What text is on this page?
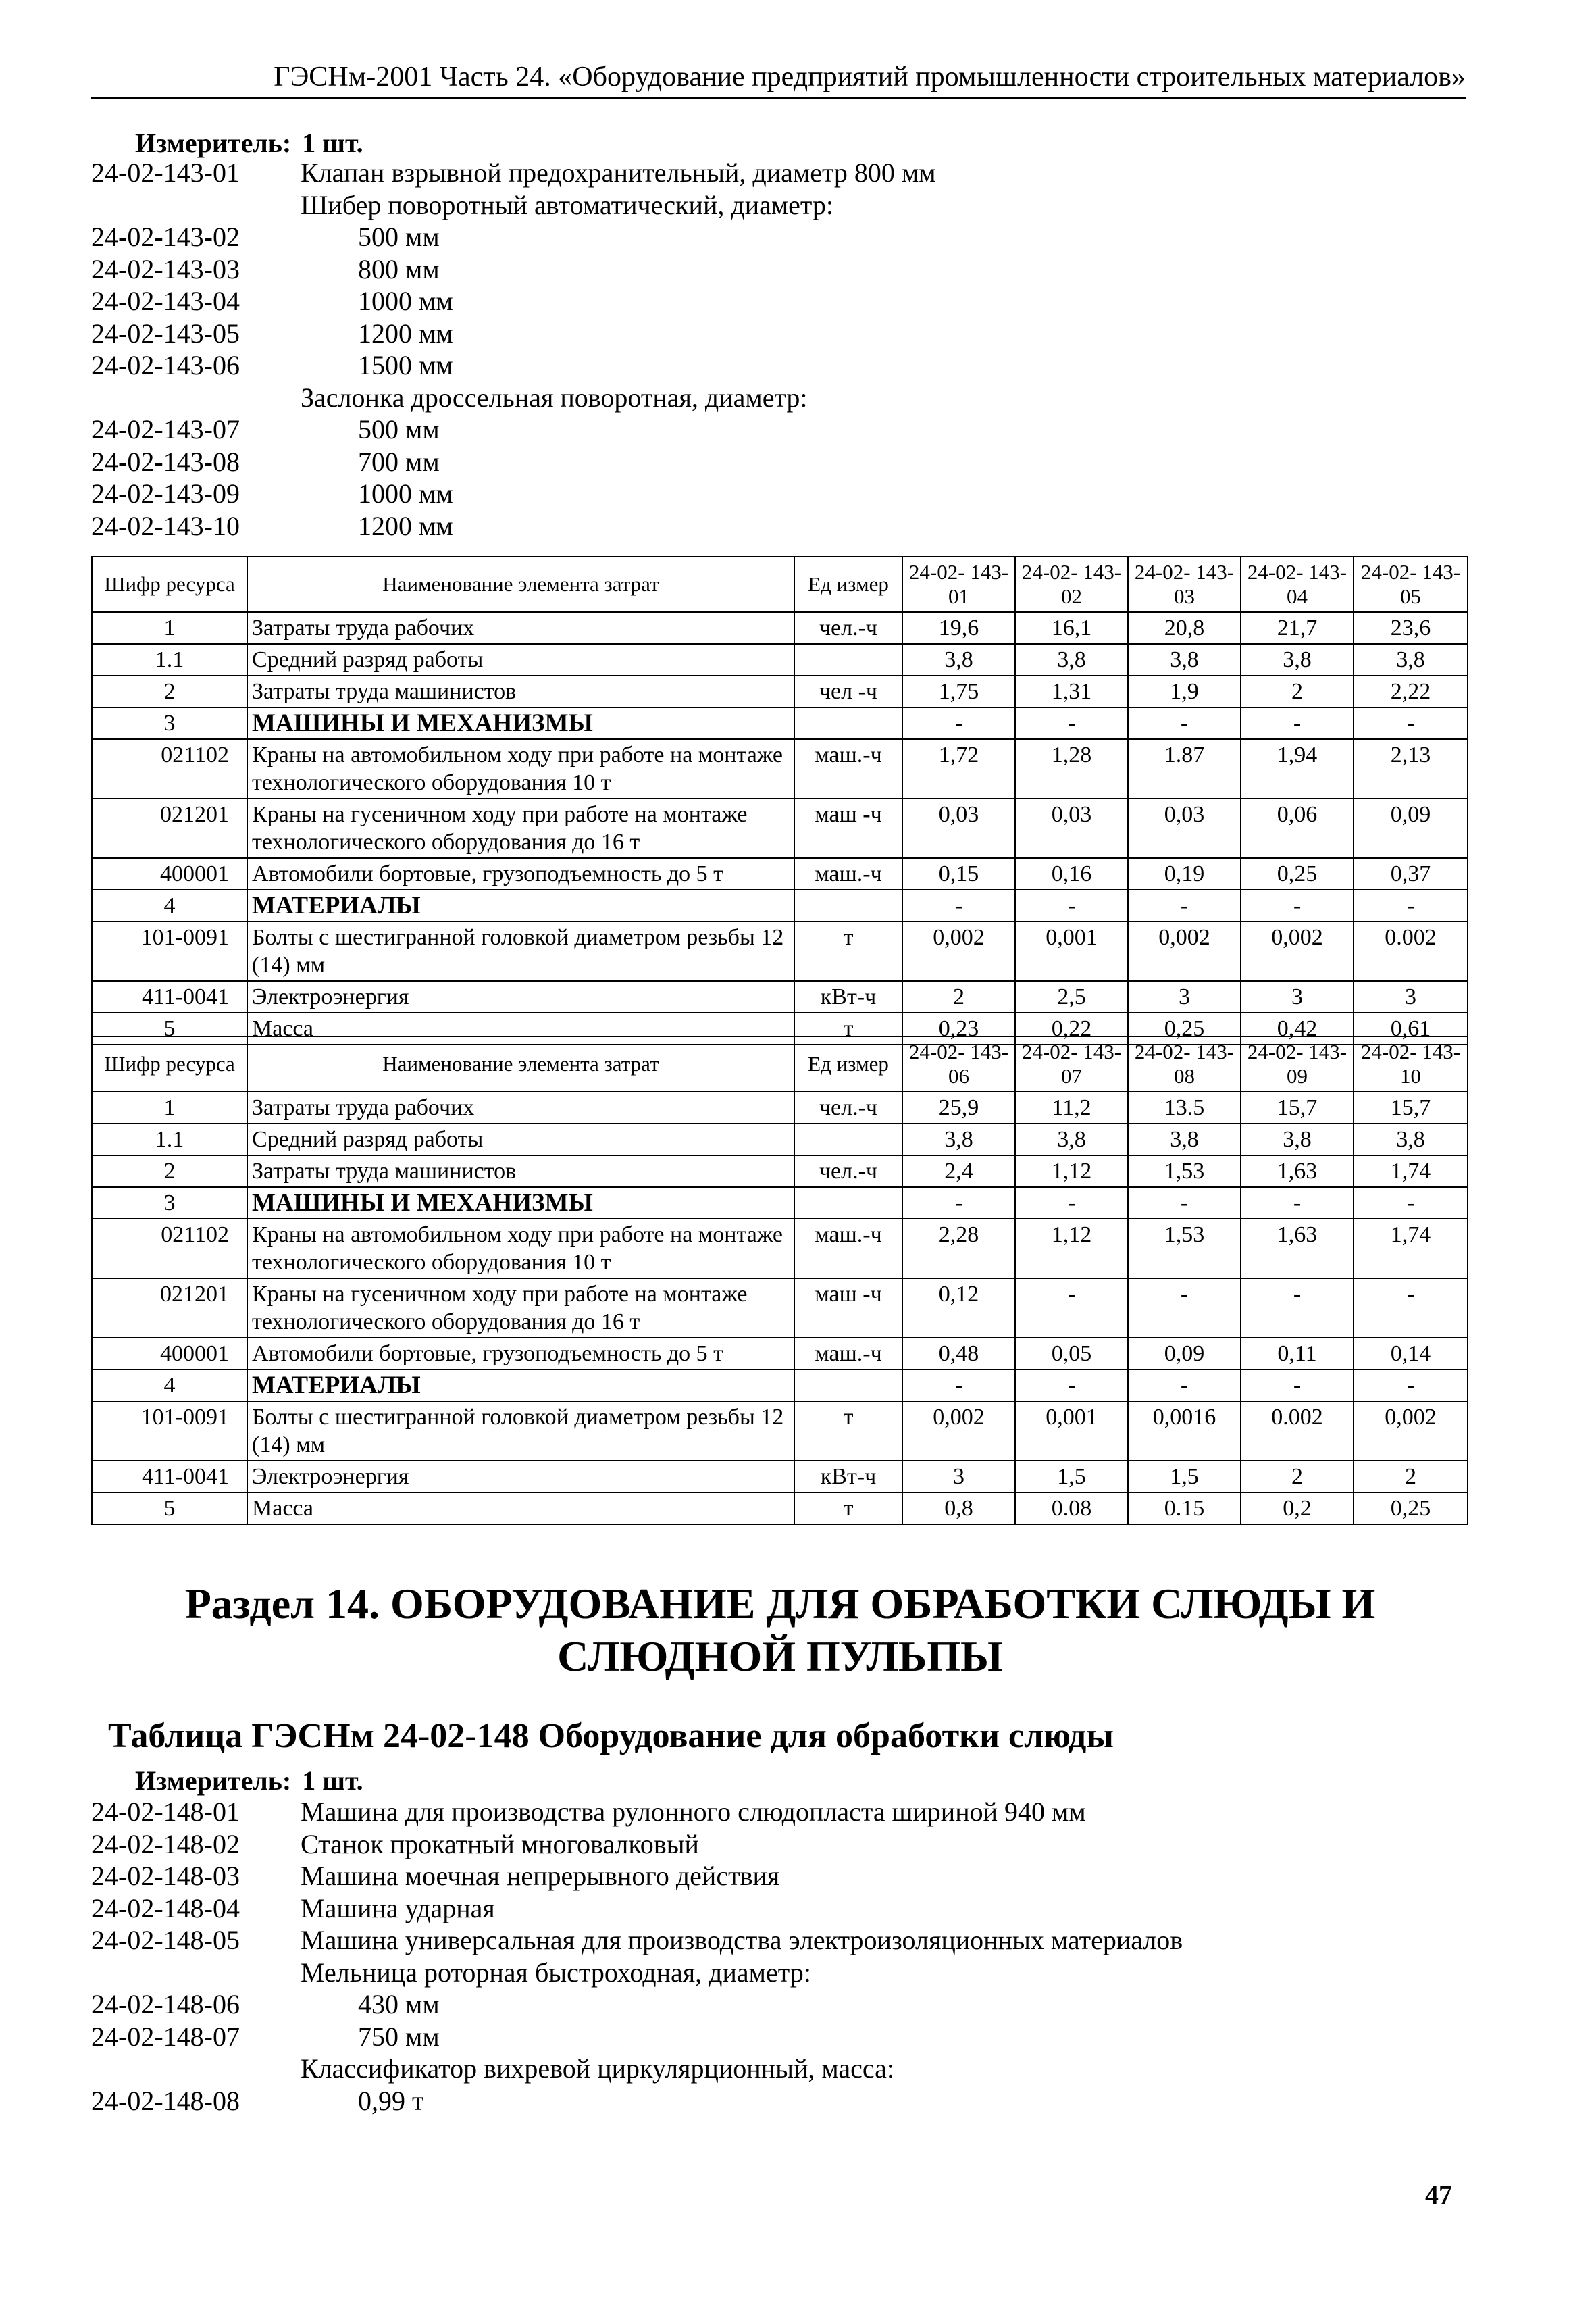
ГЭСНм-2001 Часть 24. «Оборудование предприятий промышленности строительных материалов»
Измеритель: 1 шт.
24-02-143-01	Клапан взрывной предохранительный, диаметр 800 мм
Шибер поворотный автоматический, диаметр:
24-02-143-02	500 мм
24-02-143-03	800 мм
24-02-143-04	1000 мм
24-02-143-05	1200 мм
24-02-143-06	1500 мм
Заслонка дроссельная поворотная, диаметр:
24-02-143-07	500 мм
24-02-143-08	700 мм
24-02-143-09	1000 мм
24-02-143-10	1200 мм
Шифр ресурса	Наименование элемента затрат	Ед измер	24-02- 143-01	24-02- 143-02	24-02- 143-03	24-02- 143-04	24-02- 143-05
1	Затраты труда рабочих	чел.-ч	19,6	16,1	20,8	21,7	23,6
1.1	Средний разряд работы		3,8	3,8	3,8	3,8	3,8
2	Затраты труда машинистов	чел -ч	1,75	1,31	1,9	2	2,22
3	МАШИНЫ И МЕХАНИЗМЫ		-	-	-	-	-
021102	Краны на автомобильном ходу при работе на монтаже технологического оборудования 10 т	маш.-ч	1,72	1,28	1.87	1,94	2,13
021201	Краны на гусеничном ходу при работе на монтаже технологического оборудования до 16 т	маш -ч	0,03	0,03	0,03	0,06	0,09
400001	Автомобили бортовые, грузоподъемность до 5 т	маш.-ч	0,15	0,16	0,19	0,25	0,37
4	МАТЕРИАЛЫ		-	-	-	-	-
101-0091	Болты с шестигранной головкой диаметром резьбы 12 (14) мм	т	0,002	0,001	0,002	0,002	0.002
411-0041	Электроэнергия	кВт-ч	2	2,5	3	3	3
5	Масса	т	0,23	0,22	0,25	0,42	0,61
Шифр ресурса	Наименование элемента затрат	Ед измер	24-02- 143-06	24-02- 143-07	24-02- 143-08	24-02- 143-09	24-02- 143-10
1	Затраты труда рабочих	чел.-ч	25,9	11,2	13.5	15,7	15,7
1.1	Средний разряд работы		3,8	3,8	3,8	3,8	3,8
2	Затраты труда машинистов	чел.-ч	2,4	1,12	1,53	1,63	1,74
3	МАШИНЫ И МЕХАНИЗМЫ		-	-	-	-	-
021102	Краны на автомобильном ходу при работе на монтаже технологического оборудования 10 т	маш.-ч	2,28	1,12	1,53	1,63	1,74
021201	Краны на гусеничном ходу при работе на монтаже технологического оборудования до 16 т	маш -ч	0,12	-	-	-	-
400001	Автомобили бортовые, грузоподъемность до 5 т	маш.-ч	0,48	0,05	0,09	0,11	0,14
4	МАТЕРИАЛЫ		-	-	-	-	-
101-0091	Болты с шестигранной головкой диаметром резьбы 12 (14) мм	т	0,002	0,001	0,0016	0.002	0,002
411-0041	Электроэнергия	кВт-ч	3	1,5	1,5	2	2
5	Масса	т	0,8	0.08	0.15	0,2	0,25
Раздел 14. ОБОРУДОВАНИЕ ДЛЯ ОБРАБОТКИ СЛЮДЫ И СЛЮДНОЙ ПУЛЬПЫ
Таблица ГЭСНм 24-02-148 Оборудование для обработки слюды
Измеритель: 1 шт.
24-02-148-01	Машина для производства рулонного слюдопласта шириной 940 мм
24-02-148-02	Станок прокатный многовалковый
24-02-148-03	Машина моечная непрерывного действия
24-02-148-04	Машина ударная
24-02-148-05	Машина универсальная для производства электроизоляционных материалов
Мельница роторная быстроходная, диаметр:
24-02-148-06	430 мм
24-02-148-07	750 мм
Классификатор вихревой циркулярционный, масса:
24-02-148-08	0,99 т
47
